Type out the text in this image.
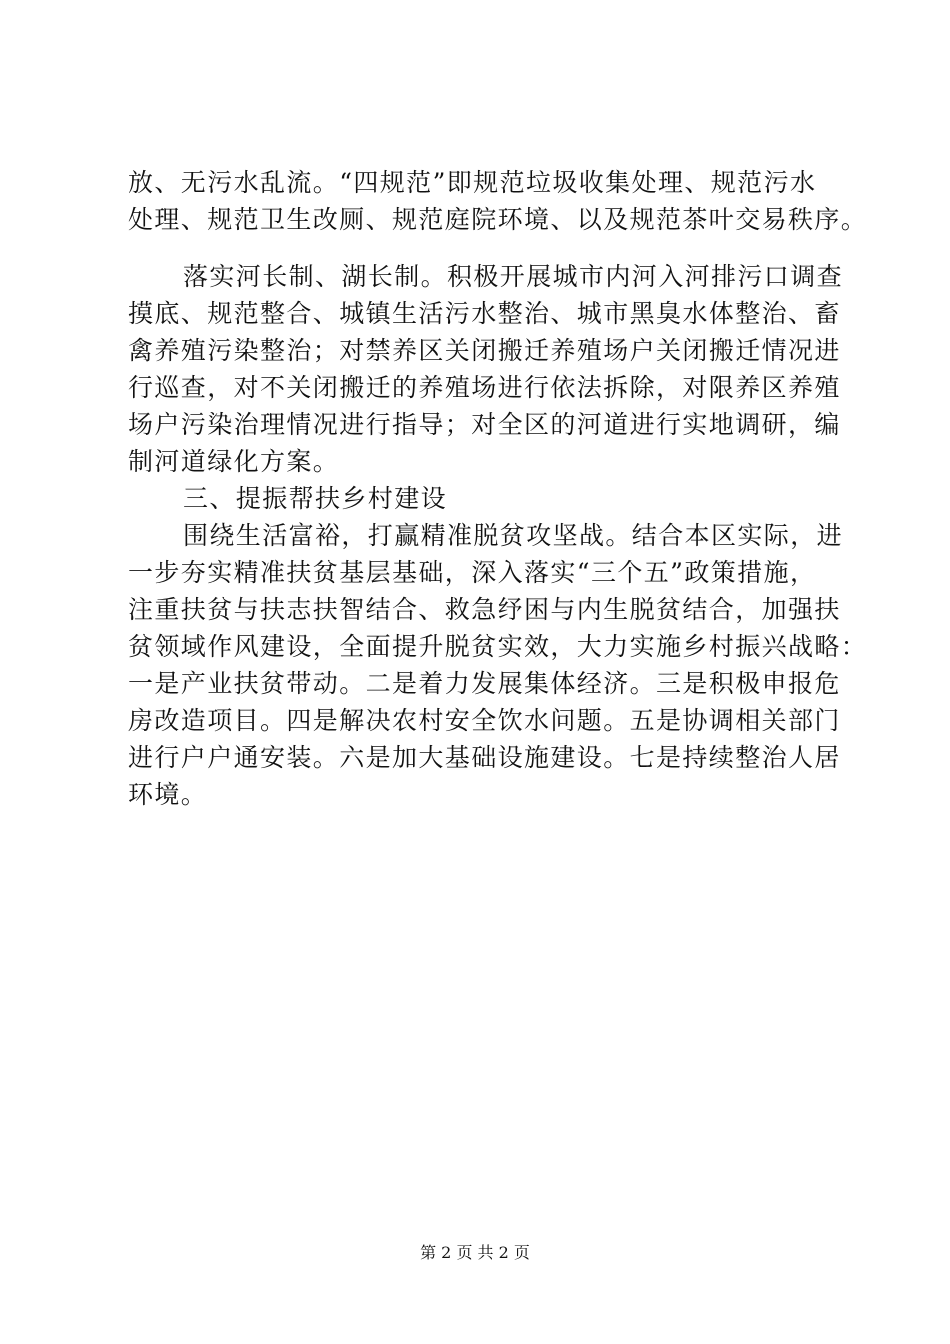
放、无污水乱流。“四规范”即规范垃圾收集处理、规范污水
处理、规范卫生改厕、规范庭院环境、以及规范茶叶交易秩序。
落实河长制、湖长制。积极开展城市内河入河排污口调查
摸底、规范整合、城镇生活污水整治、城市黑臭水体整治、畜
禽养殖污染整治；对禁养区关闭搬迁养殖场户关闭搬迁情况进
行巡查，对不关闭搬迁的养殖场进行依法拆除，对限养区养殖
场户污染治理情况进行指导；对全区的河道进行实地调研，编
制河道绿化方案。
三、提振帮扶乡村建设
围绕生活富裕，打赢精准脱贫攻坚战。结合本区实际，进
一步夯实精准扶贫基层基础，深入落实“三个五”政策措施，
注重扶贫与扶志扶智结合、救急纾困与内生脱贫结合，加强扶
贫领域作风建设，全面提升脱贫实效，大力实施乡村振兴战略：
一是产业扶贫带动。二是着力发展集体经济。三是积极申报危
房改造项目。四是解决农村安全饮水问题。五是协调相关部门
进行户户通安装。六是加大基础设施建设。七是持续整治人居
环境。
第 2 页 共 2 页
